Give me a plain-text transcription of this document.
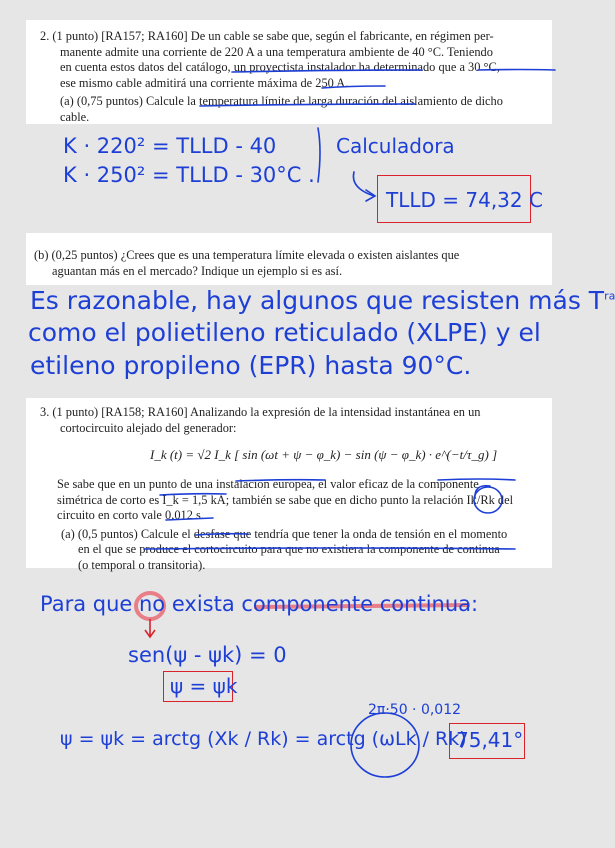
2. (1 punto) [RA157; RA160] De un cable se sabe que, según el fabricante, en régimen per-

manente admite una corriente de 220 A a una temperatura ambiente de 40 °C. Teniendo
en cuenta estos datos del catálogo, un proyectista instalador ha determinado que a 30 °C,
ese mismo cable admitirá una corriente máxima de 250 A.
(a) (0,75 puntos) Calcule la temperatura límite de larga duración del aislamiento de dicho
cable.
(b) (0,25 puntos) ¿Crees que es una temperatura límite elevada o existen aislantes que
aguantan más en el mercado? Indique un ejemplo si es así.
3. (1 punto) [RA158; RA160] Analizando la expresión de la intensidad instantánea en un

cortocircuito alejado del generador:
I_k (t) = √2 I_k [ sin (ωt + ψ − φ_k) − sin (ψ − φ_k) · e^(−t/τ_g) ]
Se sabe que en un punto de una instalación europea, el valor eficaz de la componente
simétrica de corto es I_k = 1,5 kA; también se sabe que en dicho punto la relación Ik/Rk del
circuito en corto vale 0,012 s.
(a) (0,5 puntos) Calcule el desfase que tendría que tener la onda de tensión en el momento
en el que se produce el cortocircuito para que no existiera la componente de continua
(o temporal o transitoria).
K · 220² = TLLD - 40
K · 250² = TLLD - 30°C .
Calculadora
TLLD = 74,32 C
Es razonable, hay algunos que resisten más $T^{ra}$
como el polietileno reticulado (XLPE) y el
etileno propileno (EPR) hasta 90°C.
Para que no exista componente continua:
sen(ψ - ψk) = 0
ψ = ψk
2π·50 · 0,012
ψ = ψk = arctg (Xk / Rk) = arctg (ωLk / Rk)
75,41°
